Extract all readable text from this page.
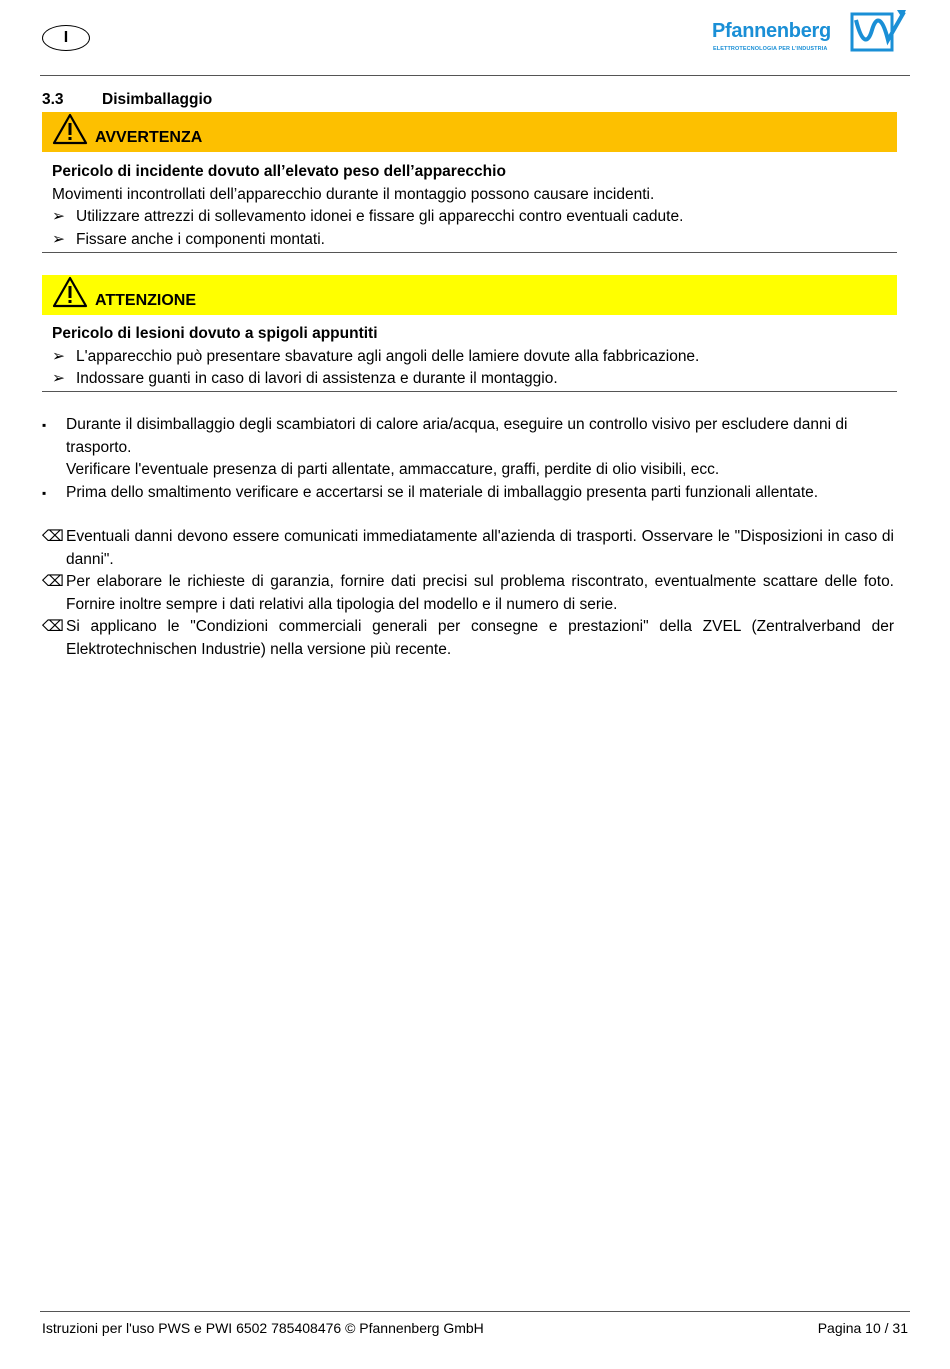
I	Pfannenberg
ELETTROTECNOLOGIA PER L'INDUSTRIA
3.3 Disimballaggio
AVVERTENZA
Pericolo di incidente dovuto all’elevato peso dell’apparecchio
Movimenti incontrollati dell’apparecchio durante il montaggio possono causare incidenti.
➢ Utilizzare attrezzi di sollevamento idonei e fissare gli apparecchi contro eventuali cadute.
➢ Fissare anche i componenti montati.
ATTENZIONE
Pericolo di lesioni dovuto a spigoli appuntiti
➢ L'apparecchio può presentare sbavature agli angoli delle lamiere dovute alla fabbricazione.
➢ Indossare guanti in caso di lavori di assistenza e durante il montaggio.
▪
Durante il disimballaggio degli scambiatori di calore aria/acqua, eseguire un controllo visivo per escludere danni di trasporto.
Verificare l'eventuale presenza di parti allentate, ammaccature, graffi, perdite di olio visibili, ecc.
▪
Prima dello smaltimento verificare e accertarsi se il materiale di imballaggio presenta parti funzionali allentate.
⌫ Eventuali danni devono essere comunicati immediatamente all'azienda di trasporti. Osservare le "Disposizioni in caso di danni".
⌫ Per elaborare le richieste di garanzia, fornire dati precisi sul problema riscontrato, eventualmente scattare delle foto. Fornire inoltre sempre i dati relativi alla tipologia del modello e il numero di serie.
⌫ Si applicano le "Condizioni commerciali generali per consegne e prestazioni" della ZVEL (Zentralverband der Elektrotechnischen Industrie) nella versione più recente.
Istruzioni per l'uso PWS e PWI 6502 785408476 © Pfannenberg GmbH	Pagina 10 / 31
